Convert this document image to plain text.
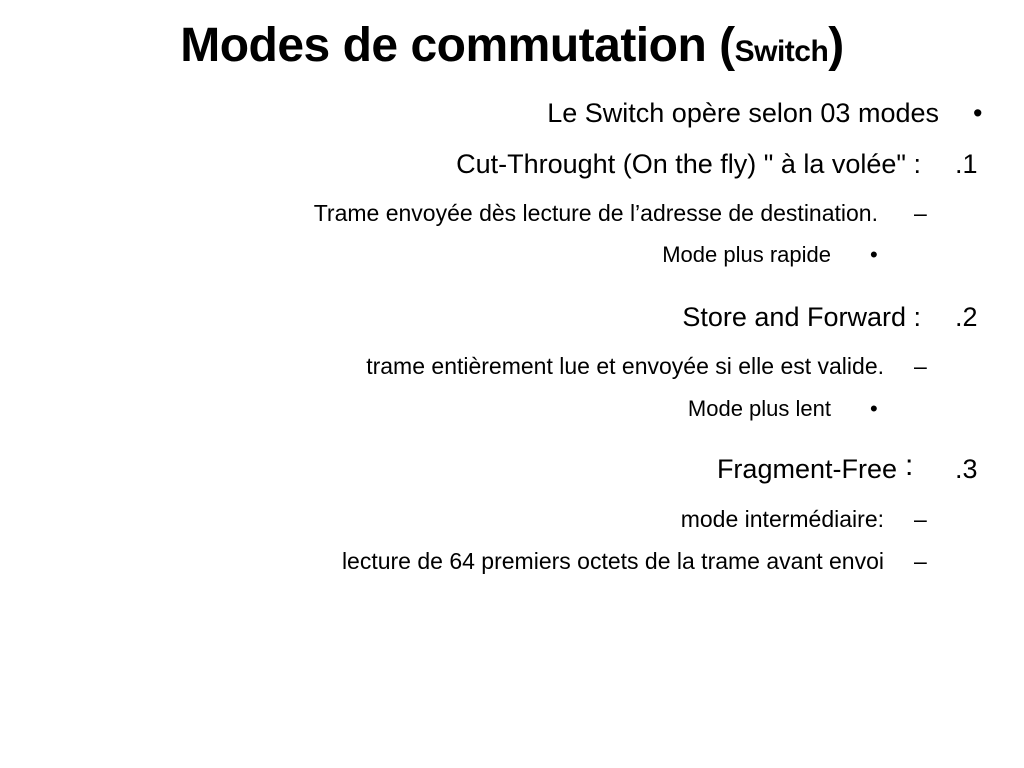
Modes de commutation (Switch)
Le Switch opère selon 03 modes •
Cut-Throught (On the fly) " à la volée" : .1
Trame envoyée dès lecture de l’adresse de destination. –
Mode plus rapide •
Store and Forward : .2
trame entièrement lue et envoyée si elle est valide. –
Mode plus lent •
Fragment-Free : .3
mode intermédiaire: –
lecture de 64 premiers octets de la trame avant envoi –
